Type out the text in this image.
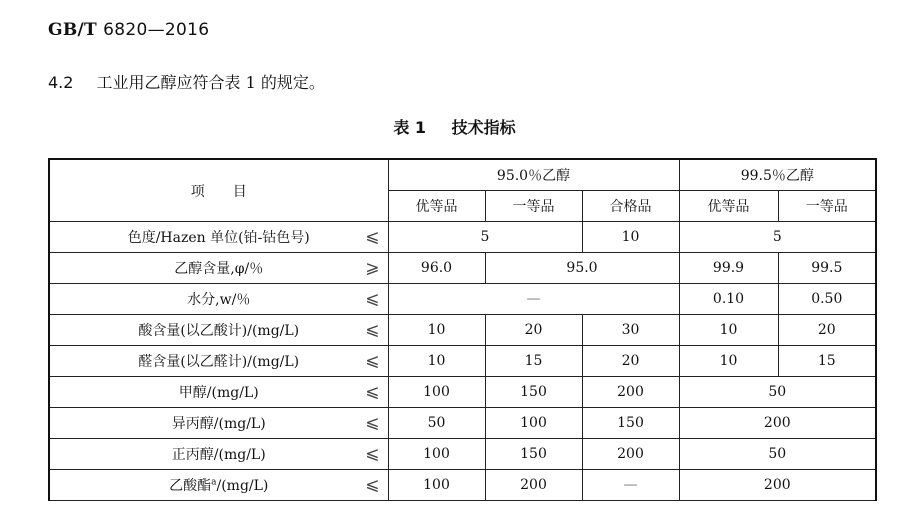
GB/T 6820—2016
4.2 工业用乙醇应符合表 1 的规定。
表 1 技术指标
项　　目	95.0％乙醇			99.5％乙醇	
	优等品	一等品	合格品	优等品	一等品
色度/Hazen 单位(铂-钴色号) ⩽	5		10	5	
乙醇含量,φ/％ ⩾	96.0	95.0		99.9	99.5
水分,w/％ ⩽	—			0.10	0.50
酸含量(以乙酸计)/(mg/L) ⩽	10	20	30	10	20
醛含量(以乙醛计)/(mg/L) ⩽	10	15	20	10	15
甲醇/(mg/L) ⩽	100	150	200	50	
异丙醇/(mg/L) ⩽	50	100	150	200	
正丙醇/(mg/L) ⩽	100	150	200	50	
乙酸酯$^a$/(mg/L) ⩽	100	200	—	200	
